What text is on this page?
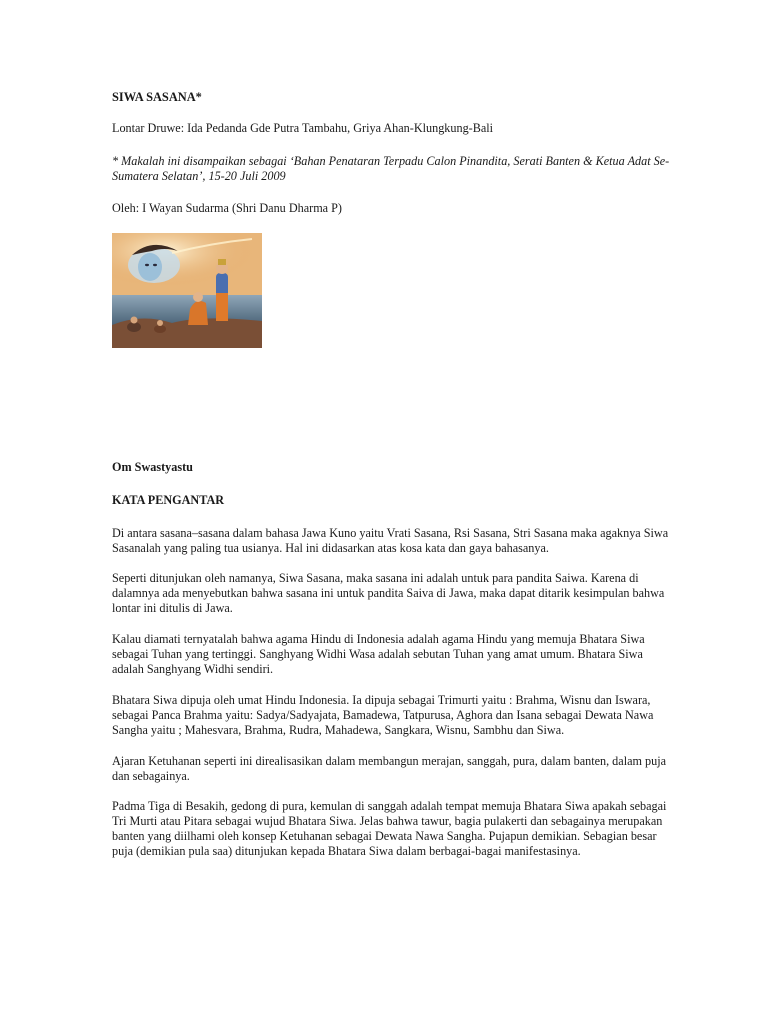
SIWA SASANA*

Lontar Druwe: Ida Pedanda Gde Putra Tambahu, Griya Ahan-Klungkung-Bali

* Makalah ini disampaikan sebagai ‘Bahan Penataran Terpadu Calon Pinandita, Serati Banten & Ketua Adat Se-Sumatera Selatan’, 15-20 Juli 2009

Oleh: I Wayan Sudarma (Shri Danu Dharma P)

Om Swastyastu

KATA PENGANTAR

Di antara sasana–sasana dalam bahasa Jawa Kuno yaitu Vrati Sasana, Rsi Sasana, Stri Sasana maka agaknya Siwa Sasanalah yang paling tua usianya. Hal ini didasarkan atas kosa kata dan gaya bahasanya.

Seperti ditunjukan oleh namanya, Siwa Sasana, maka sasana ini adalah untuk para pandita Saiwa. Karena di dalamnya ada menyebutkan bahwa sasana ini untuk pandita Saiva di Jawa, maka dapat ditarik kesimpulan bahwa lontar ini ditulis di Jawa.

Kalau diamati ternyatalah bahwa agama Hindu di Indonesia adalah agama Hindu yang memuja Bhatara Siwa sebagai Tuhan yang tertinggi. Sanghyang Widhi Wasa adalah sebutan Tuhan yang amat umum. Bhatara Siwa adalah Sanghyang Widhi sendiri.

Bhatara Siwa dipuja oleh umat Hindu Indonesia. Ia dipuja sebagai Trimurti yaitu : Brahma, Wisnu dan Iswara, sebagai Panca Brahma yaitu: Sadya/Sadyajata, Bamadewa, Tatpurusa, Aghora dan Isana sebagai Dewata Nawa Sangha yaitu ; Mahesvara, Brahma, Rudra, Mahadewa, Sangkara, Wisnu, Sambhu dan Siwa.

Ajaran Ketuhanan seperti ini direalisasikan dalam membangun merajan, sanggah, pura, dalam banten, dalam puja dan sebagainya.

Padma Tiga di Besakih, gedong di pura, kemulan di sanggah adalah tempat memuja Bhatara Siwa apakah sebagai Tri Murti atau Pitara sebagai wujud Bhatara Siwa. Jelas bahwa tawur, bagia pulakerti dan sebagainya merupakan banten yang diilhami oleh konsep Ketuhanan sebagai Dewata Nawa Sangha. Pujapun demikian. Sebagian besar puja (demikian pula saa) ditunjukan kepada Bhatara Siwa dalam berbagai-bagai manifestasinya.
